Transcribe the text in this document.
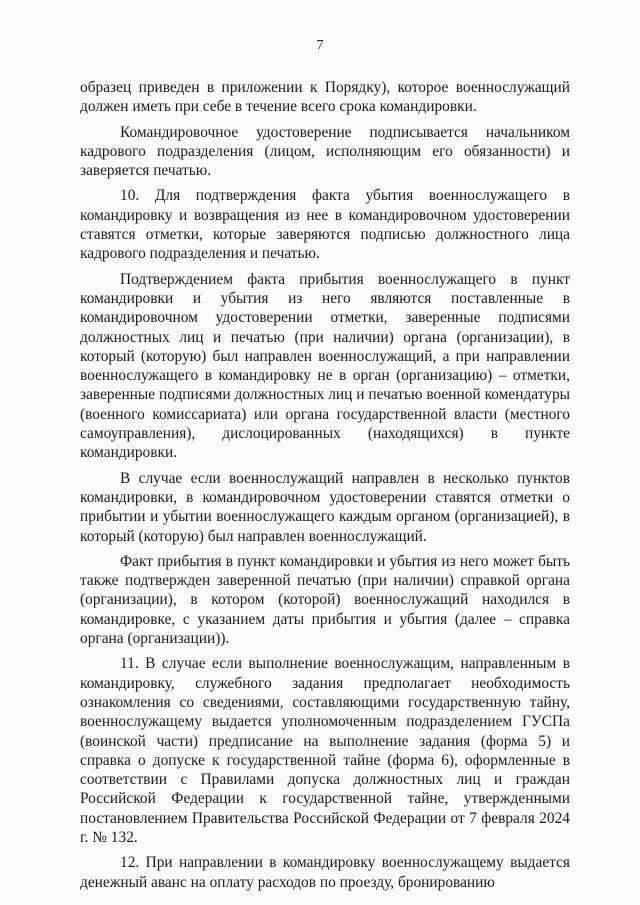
7

образец приведен в приложении к Порядку), которое военнослужащий должен иметь при себе в течение всего срока командировки.

Командировочное удостоверение подписывается начальником кадрового подразделения (лицом, исполняющим его обязанности) и заверяется печатью.

10. Для подтверждения факта убытия военнослужащего в командировку и возвращения из нее в командировочном удостоверении ставятся отметки, которые заверяются подписью должностного лица кадрового подразделения и печатью.

Подтверждением факта прибытия военнослужащего в пункт командировки и убытия из него являются поставленные в командировочном удостоверении отметки, заверенные подписями должностных лиц и печатью (при наличии) органа (организации), в который (которую) был направлен военнослужащий, а при направлении военнослужащего в командировку не в орган (организацию) – отметки, заверенные подписями должностных лиц и печатью военной комендатуры (военного комиссариата) или органа государственной власти (местного самоуправления), дислоцированных (находящихся) в пункте командировки.

В случае если военнослужащий направлен в несколько пунктов командировки, в командировочном удостоверении ставятся отметки о прибытии и убытии военнослужащего каждым органом (организацией), в который (которую) был направлен военнослужащий.

Факт прибытия в пункт командировки и убытия из него может быть также подтвержден заверенной печатью (при наличии) справкой органа (организации), в котором (которой) военнослужащий находился в командировке, с указанием даты прибытия и убытия (далее – справка органа (организации)).

11. В случае если выполнение военнослужащим, направленным в командировку, служебного задания предполагает необходимость ознакомления со сведениями, составляющими государственную тайну, военнослужащему выдается уполномоченным подразделением ГУСПа (воинской части) предписание на выполнение задания (форма 5) и справка о допуске к государственной тайне (форма 6), оформленные в соответствии с Правилами допуска должностных лиц и граждан Российской Федерации к государственной тайне, утвержденными постановлением Правительства Российской Федерации от 7 февраля 2024 г. № 132.

12. При направлении в командировку военнослужащему выдается денежный аванс на оплату расходов по проезду, бронированию
